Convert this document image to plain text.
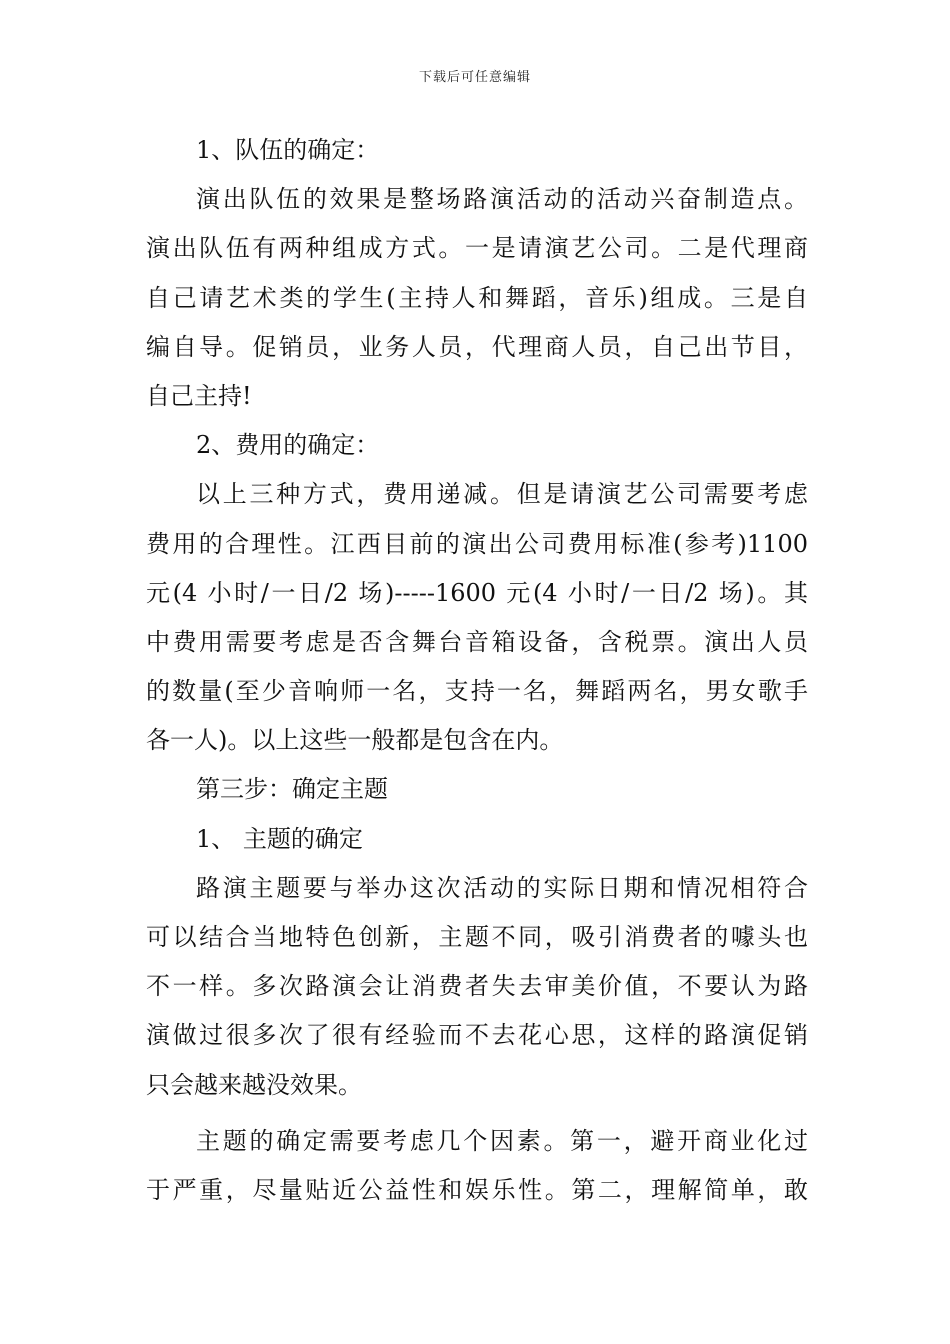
下载后可任意编辑
1、队伍的确定：
演出队伍的效果是整场路演活动的活动兴奋制造点。
演出队伍有两种组成方式。一是请演艺公司。二是代理商
自己请艺术类的学生(主持人和舞蹈，音乐)组成。三是自
编自导。促销员，业务人员，代理商人员，自己出节目，
自己主持!
2、费用的确定：
以上三种方式，费用递减。但是请演艺公司需要考虑
费用的合理性。江西目前的演出公司费用标准(参考)1100
元(4 小时/一日/2 场)-----1600 元(4 小时/一日/2 场)。其
中费用需要考虑是否含舞台音箱设备，含税票。演出人员
的数量(至少音响师一名，支持一名，舞蹈两名，男女歌手
各一人)。以上这些一般都是包含在内。
第三步：确定主题
1、 主题的确定
路演主题要与举办这次活动的实际日期和情况相符合
可以结合当地特色创新，主题不同，吸引消费者的噱头也
不一样。多次路演会让消费者失去审美价值，不要认为路
演做过很多次了很有经验而不去花心思，这样的路演促销
只会越来越没效果。
主题的确定需要考虑几个因素。第一，避开商业化过
于严重，尽量贴近公益性和娱乐性。第二，理解简单，敢
